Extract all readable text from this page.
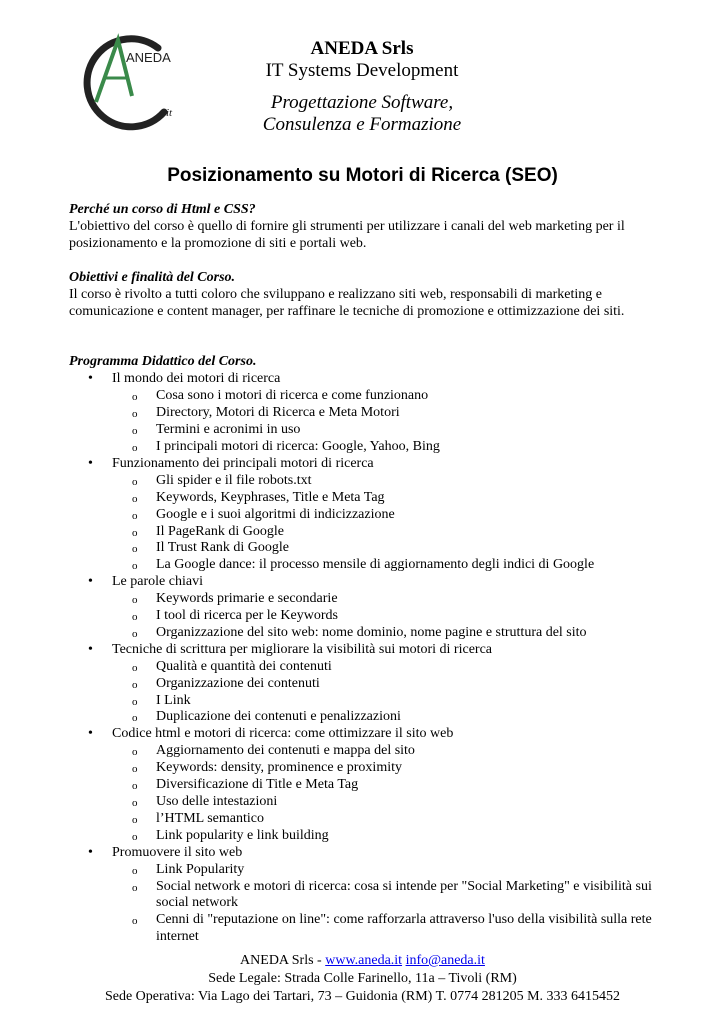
ANEDA
it
ANEDA Srls
IT Systems Development
Progettazione Software,
Consulenza e Formazione
Posizionamento su Motori di Ricerca (SEO)

Perché un corso di Html e CSS?

L'obiettivo del corso è quello di fornire gli strumenti per utilizzare i canali del web marketing per il posizionamento e la promozione di siti e portali web.

Obiettivi e finalità del Corso.

Il corso è rivolto a tutti coloro che sviluppano e realizzano siti web, responsabili di marketing e comunicazione e content manager, per raffinare le tecniche di promozione e ottimizzazione dei siti.

Programma Didattico del Corso.

• Il mondo dei motori di ricerca
o Cosa sono i motori di ricerca e come funzionano
o Directory, Motori di Ricerca e Meta Motori
o Termini e acronimi in uso
o I principali motori di ricerca: Google, Yahoo, Bing
• Funzionamento dei principali motori di ricerca
o Gli spider e il file robots.txt
o Keywords, Keyphrases, Title e Meta Tag
o Google e i suoi algoritmi di indicizzazione
o Il PageRank di Google
o Il Trust Rank di Google
o La Google dance: il processo mensile di aggiornamento degli indici di Google
• Le parole chiavi
o Keywords primarie e secondarie
o I tool di ricerca per le Keywords
o Organizzazione del sito web: nome dominio, nome pagine e struttura del sito
• Tecniche di scrittura per migliorare la visibilità sui motori di ricerca
o Qualità e quantità dei contenuti
o Organizzazione dei contenuti
o I Link
o Duplicazione dei contenuti e penalizzazioni
• Codice html e motori di ricerca: come ottimizzare il sito web
o Aggiornamento dei contenuti e mappa del sito
o Keywords: density, prominence e proximity
o Diversificazione di Title e Meta Tag
o Uso delle intestazioni
o l’HTML semantico
o Link popularity e link building
• Promuovere il sito web
o Link Popularity
o Social network e motori di ricerca: cosa si intende per "Social Marketing" e visibilità sui social network
o Cenni di "reputazione on line": come rafforzarla attraverso l'uso della visibilità sulla rete internet
ANEDA Srls - www.aneda.it info@aneda.it
Sede Legale: Strada Colle Farinello, 11a – Tivoli (RM)
Sede Operativa: Via Lago dei Tartari, 73 – Guidonia (RM) T. 0774 281205 M. 333 6415452
